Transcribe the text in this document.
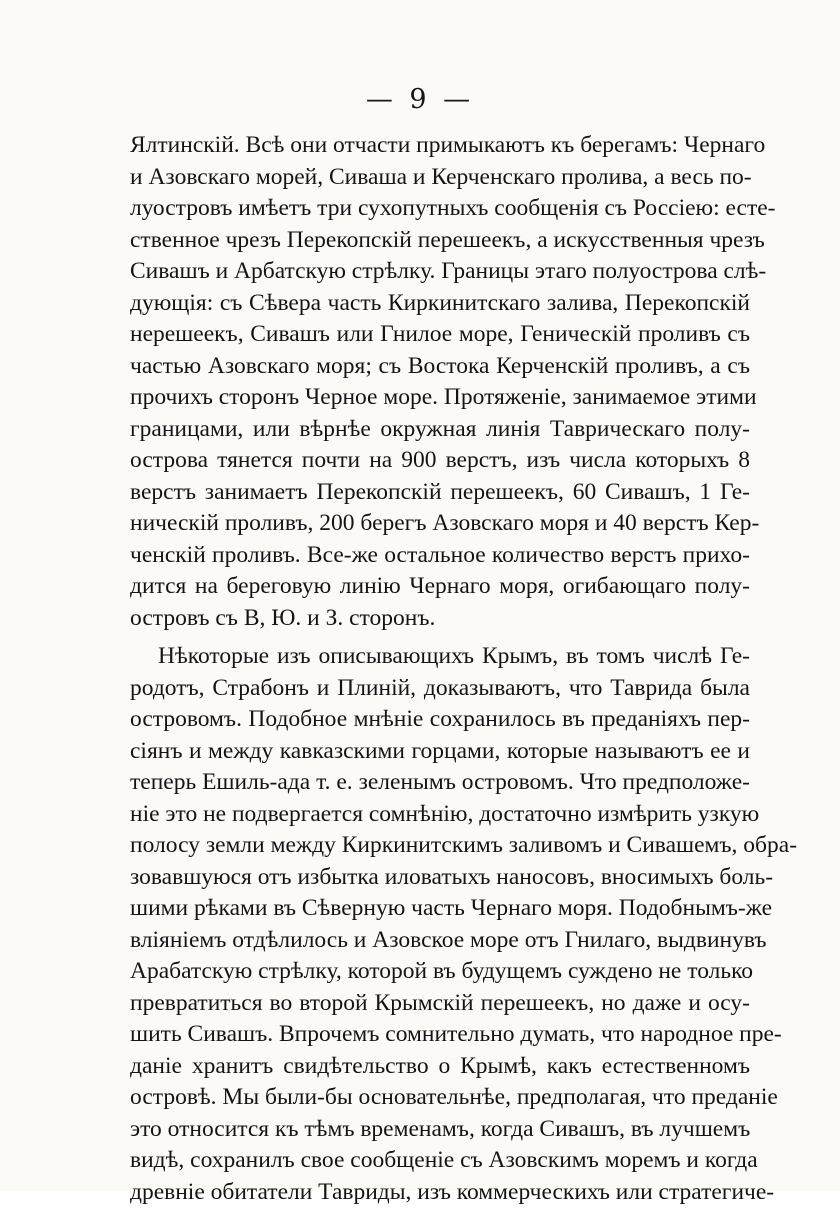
— 9 —
Ялтинскій. Всѣ они отчасти примыкаютъ къ берегамъ: Чернаго
и Азовскаго морей, Сиваша и Керченскаго пролива, а весь по-
луостровъ имѣетъ три сухопутныхъ сообщенія съ Россiею: есте-
ственное чрезъ Перекопскій перешеекъ, а искусственныя чрезъ
Сивашъ и Арбатскую стрѣлку. Границы этаго полуострова слѣ-
дующія: съ Сѣвера часть Киркинитскаго залива, Перекопскій
нерешеекъ, Сивашъ или Гнилое море, Геническій проливъ съ
частью Азовскаго моря; съ Востока Керченскій проливъ, а съ
прочихъ сторонъ Черное море. Протяженіе, занимаемое этими
границами, или вѣрнѣе окружная линія Таврическаго полу-
острова тянется почти на 900 верстъ, изъ числа которыхъ 8
верстъ занимаетъ Перекопскій перешеекъ, 60 Сивашъ, 1 Ге-
ническій проливъ, 200 берегъ Азовскаго моря и 40 верстъ Кер-
ченскій проливъ. Все-же остальное количество верстъ прихо-
дится на береговую линію Чернаго моря, огибающаго полу-
островъ съ В, Ю. и З. сторонъ.
Нѣкоторые изъ описывающихъ Крымъ, въ томъ числѣ Ге-
родотъ, Страбонъ и Плиній, доказываютъ, что Таврида была
островомъ. Подобное мнѣніе сохранилось въ преданіяхъ пер-
сіянъ и между кавказскими горцами, которые называютъ ее и
теперь Ешиль-ада т. е. зеленымъ островомъ. Что предположе-
ніе это не подвергается сомнѣнію, достаточно измѣрить узкую
полосу земли между Киркинитскимъ заливомъ и Сивашемъ, обра-
зовавшуюся отъ избытка иловатыхъ наносовъ, вносимыхъ боль-
шими рѣками въ Сѣверную часть Чернаго моря. Подобнымъ-же
вліяніемъ отдѣлилось и Азовское море отъ Гнилаго, выдвинувъ
Арабатскую стрѣлку, которой въ будущемъ суждено не только
превратиться во второй Крымскій перешеекъ, но даже и осу-
шить Сивашъ. Впрочемъ сомнительно думать, что народное пре-
даніе хранитъ свидѣтельство о Крымѣ, какъ естественномъ
островѣ. Мы были-бы основательнѣе, предполагая, что преданіе
это относится къ тѣмъ временамъ, когда Сивашъ, въ лучшемъ
видѣ, сохранилъ свое сообщеніе съ Азовскимъ моремъ и когда
древніе обитатели Тавриды, изъ коммерческихъ или стратегиче-
